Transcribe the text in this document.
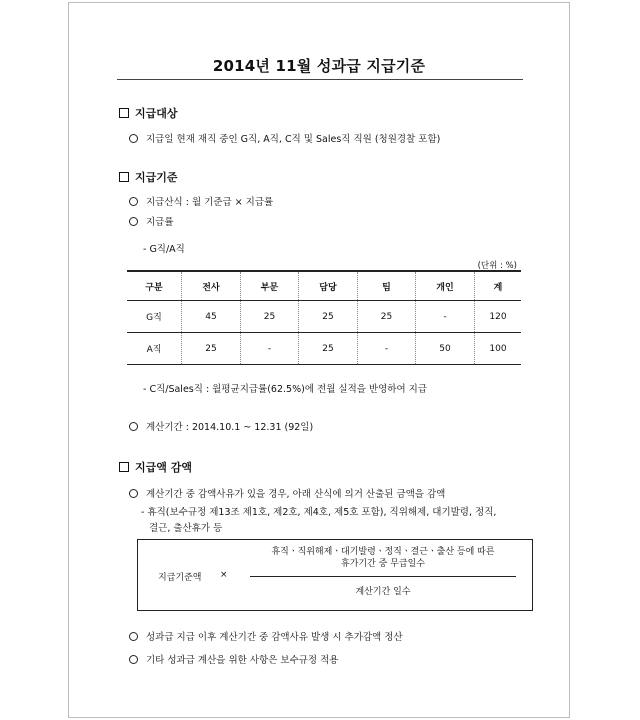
2014년 11월 성과급 지급기준
지급대상
지급일 현재 재직 중인 G직, A직, C직 및 Sales직 직원 (청원경찰 포함)
지급기준
지급산식 : 월 기준급 × 지급률
지급률
- G직/A직
(단위 : %)
구분	전사	부문	담당	팀	개인	계
G직	45	25	25	25	-	120
A직	25	-	25	-	50	100
- C직/Sales직 : 월평균지급률(62.5%)에 전월 실적을 반영하여 지급
계산기간 : 2014.10.1 ~ 12.31 (92일)
지급액 감액
계산기간 중 감액사유가 있을 경우, 아래 산식에 의거 산출된 금액을 감액
- 휴직(보수규정 제13조 제1호, 제2호, 제4호, 제5호 포함), 직위해제, 대기발령, 정직,
결근, 출산휴가 등
지급기준액 ×
휴직ㆍ직위해제ㆍ대기발령ㆍ정직ㆍ결근ㆍ출산 등에 따른
휴가기간 중 무급일수
계산기간 일수
성과급 지급 이후 계산기간 중 감액사유 발생 시 추가감액 정산
기타 성과급 계산을 위한 사항은 보수규정 적용
